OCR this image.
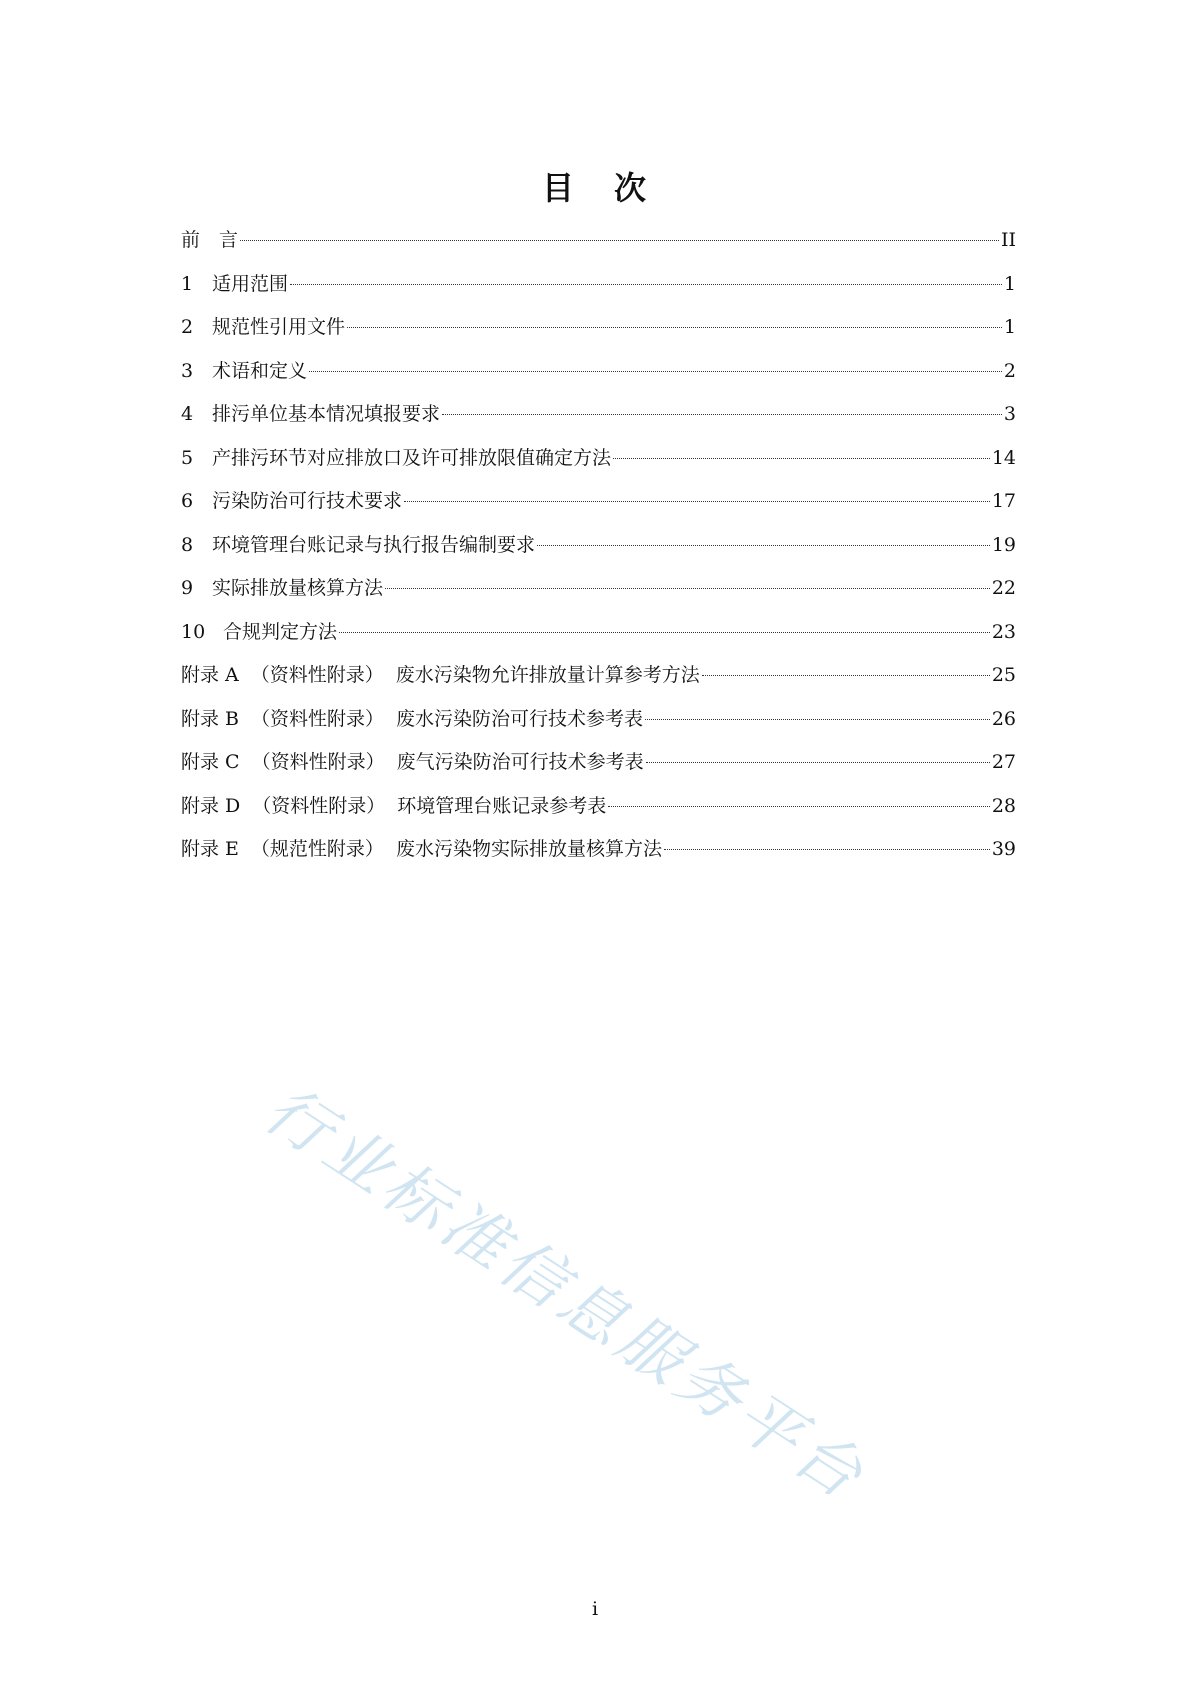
目 次
前　言	II
1 适用范围	1
2 规范性引用文件	1
3 术语和定义	2
4 排污单位基本情况填报要求	3
5 产排污环节对应排放口及许可排放限值确定方法	14
6 污染防治可行技术要求	17
8 环境管理台账记录与执行报告编制要求	19
9 实际排放量核算方法	22
10 合规判定方法	23
附录 A （资料性附录） 废水污染物允许排放量计算参考方法	25
附录 B （资料性附录） 废水污染防治可行技术参考表	26
附录 C （资料性附录） 废气污染防治可行技术参考表	27
附录 D （资料性附录） 环境管理台账记录参考表	28
附录 E （规范性附录） 废水污染物实际排放量核算方法	39
行业标准信息服务平台
i
